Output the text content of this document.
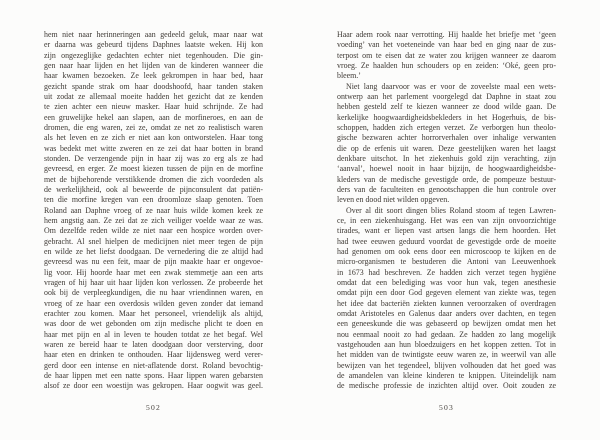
hem niet naar herinneringen aan gedeeld geluk, maar naar wat
er daarna was gebeurd tijdens Daphnes laatste weken. Hij kon
zijn ongezeglijke gedachten echter niet tegenhouden. Die gin-
gen naar haar lijden en het lijden van de kinderen wanneer die
haar kwamen bezoeken. Ze leek gekrompen in haar bed, haar
gezicht spande strak om haar doodshoofd, haar tanden staken
uit zodat ze allemaal moeite hadden het gezicht dat ze kenden
te zien achter een nieuw masker. Haar huid schrijnde. Ze had
een gruwelijke hekel aan slapen, aan de morfineroes, en aan de
dromen, die eng waren, zei ze, omdat ze net zo realistisch waren
als het leven en ze zich er niet aan kon ontworstelen. Haar tong
was bedekt met witte zweren en ze zei dat haar botten in brand
stonden. De verzengende pijn in haar zij was zo erg als ze had
gevreesd, en erger. Ze moest kiezen tussen de pijn en de morfine
met de bijbehorende verstikkende dromen die zich voordeden als
de werkelijkheid, ook al beweerde de pijnconsulent dat patiën-
ten die morfine kregen van een droomloze slaap genoten. Toen
Roland aan Daphne vroeg of ze naar huis wilde komen keek ze
hem angstig aan. Ze zei dat ze zich veiliger voelde waar ze was.
Om dezelfde reden wilde ze niet naar een hospice worden over-
gebracht. Al snel hielpen de medicijnen niet meer tegen de pijn
en wilde ze het liefst doodgaan. De vernedering die ze altijd had
gevreesd was nu een feit, maar de pijn maakte haar er ongevoe-
lig voor. Hij hoorde haar met een zwak stemmetje aan een arts
vragen of hij haar uit haar lijden kon verlossen. Ze probeerde het
ook bij de verpleegkundigen, die nu haar vriendinnen waren, en
vroeg of ze haar een overdosis wilden geven zonder dat iemand
erachter zou komen. Maar het personeel, vriendelijk als altijd,
was door de wet gebonden om zijn medische plicht te doen en
haar met pijn en al in leven te houden totdat ze het begaf. Wel
waren ze bereid haar te laten doodgaan door versterving, door
haar eten en drinken te onthouden. Haar lijdensweg werd verer-
gerd door een intense en niet-aflatende dorst. Roland bevochtig-
de haar lippen met een natte spons. Haar lippen waren gebarsten
alsof ze door een woestijn was gekropen. Haar oogwit was geel.
502
Haar adem rook naar verrotting. Hij haalde het briefje met ‘geen
voeding’ van het voeteneinde van haar bed en ging naar de zus-
terpost om te eisen dat ze water zou krijgen wanneer ze daarom
vroeg. Ze haalden hun schouders op en zeiden: ‘Oké, geen pro-
bleem.’
Niet lang daarvoor was er voor de zoveelste maal een wets-
ontwerp aan het parlement voorgelegd dat Daphne in staat zou
hebben gesteld zelf te kiezen wanneer ze dood wilde gaan. De
kerkelijke hoogwaardigheidsbekleders in het Hogerhuis, de bis-
schoppen, hadden zich ertegen verzet. Ze verborgen hun theolo-
gische bezwaren achter horrorverhalen over inhalige verwanten
die op de erfenis uit waren. Deze geestelijken waren het laagst
denkbare uitschot. In het ziekenhuis gold zijn verachting, zijn
‘aanval’, hoewel nooit in haar bijzijn, de hoogwaardigheidsbe-
kleders van de medische gevestigde orde, de pompeuze bestuur-
ders van de faculteiten en genootschappen die hun controle over
leven en dood niet wilden opgeven.
Over al dit soort dingen blies Roland stoom af tegen Lawren-
ce, in een ziekenhuisgang. Het was een van zijn onvoorzichtige
tirades, want er liepen vast artsen langs die hem hoorden. Het
had twee eeuwen geduurd voordat de gevestigde orde de moeite
had genomen om ook eens door een microscoop te kijken en de
micro-organismen te bestuderen die Antoni van Leeuwenhoek
in 1673 had beschreven. Ze hadden zich verzet tegen hygiëne
omdat dat een belediging was voor hun vak, tegen anesthesie
omdat pijn een door God gegeven element van ziekte was, tegen
het idee dat bacteriën ziekten kunnen veroorzaken of overdragen
omdat Aristoteles en Galenus daar anders over dachten, en tegen
een geneeskunde die was gebaseerd op bewijzen omdat men het
nou eenmaal nooit zo had gedaan. Ze hadden zo lang mogelijk
vastgehouden aan hun bloedzuigers en het koppen zetten. Tot in
het midden van de twintigste eeuw waren ze, in weerwil van alle
bewijzen van het tegendeel, blijven volhouden dat het goed was
de amandelen van kleine kinderen te knippen. Uiteindelijk nam
de medische professie de inzichten altijd over. Ooit zouden ze
503
